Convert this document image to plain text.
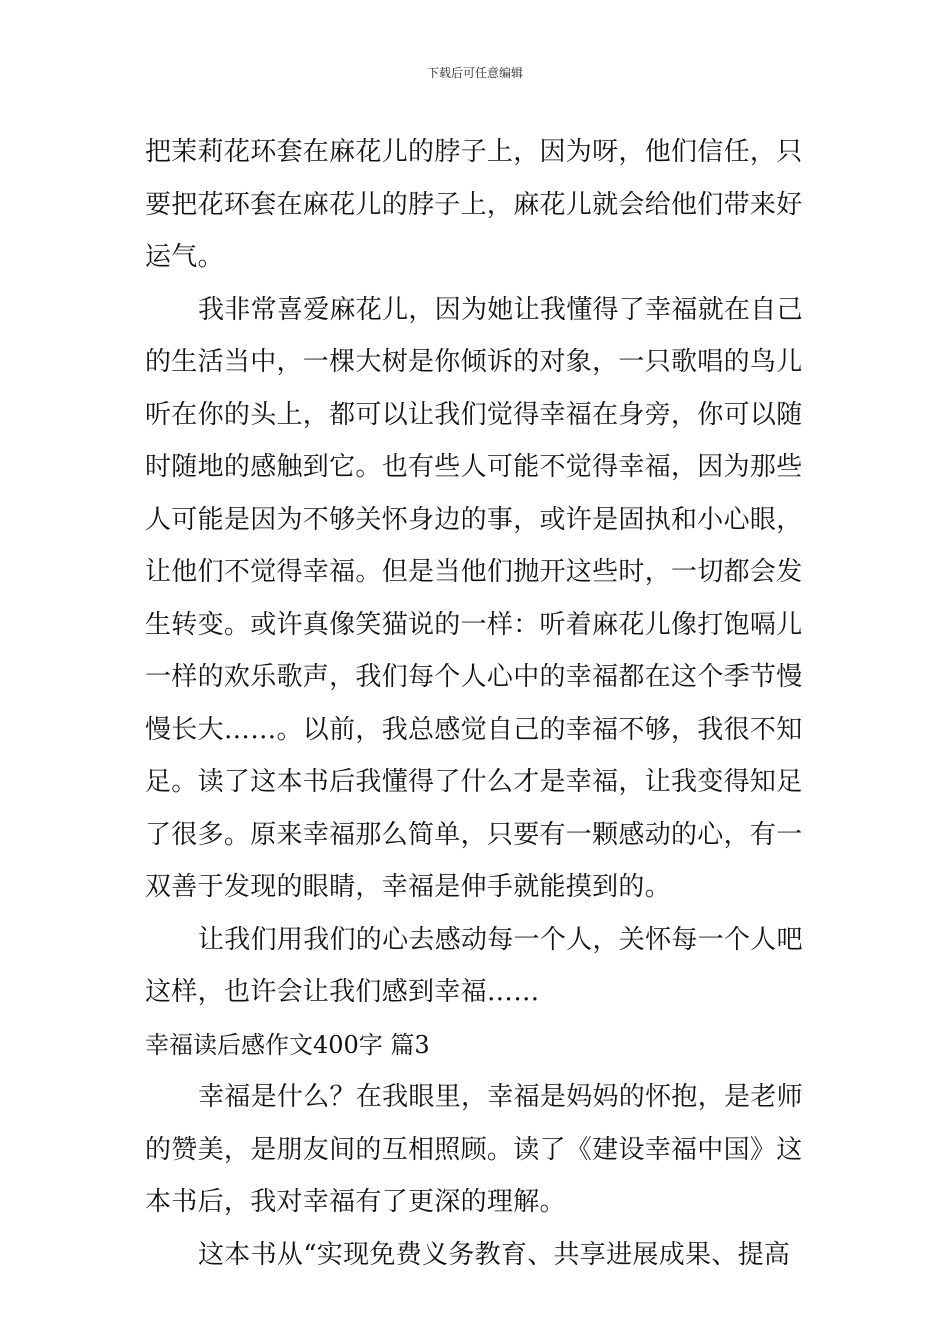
下载后可任意编辑
把茉莉花环套在麻花儿的脖子上，因为呀，他们信任，只
要把花环套在麻花儿的脖子上，麻花儿就会给他们带来好
运气。
我非常喜爱麻花儿，因为她让我懂得了幸福就在自己
的生活当中，一棵大树是你倾诉的对象，一只歌唱的鸟儿
听在你的头上，都可以让我们觉得幸福在身旁，你可以随
时随地的感触到它。也有些人可能不觉得幸福，因为那些
人可能是因为不够关怀身边的事，或许是固执和小心眼，
让他们不觉得幸福。但是当他们抛开这些时，一切都会发
生转变。或许真像笑猫说的一样：听着麻花儿像打饱嗝儿
一样的欢乐歌声，我们每个人心中的幸福都在这个季节慢
慢长大……。以前，我总感觉自己的幸福不够，我很不知
足。读了这本书后我懂得了什么才是幸福，让我变得知足
了很多。原来幸福那么简单，只要有一颗感动的心，有一
双善于发现的眼睛，幸福是伸手就能摸到的。
让我们用我们的心去感动每一个人，关怀每一个人吧
这样，也许会让我们感到幸福……
幸福读后感作文400字 篇3
幸福是什么？在我眼里，幸福是妈妈的怀抱，是老师
的赞美，是朋友间的互相照顾。读了《建设幸福中国》这
本书后，我对幸福有了更深的理解。
这本书从“实现免费义务教育、共享进展成果、提高
